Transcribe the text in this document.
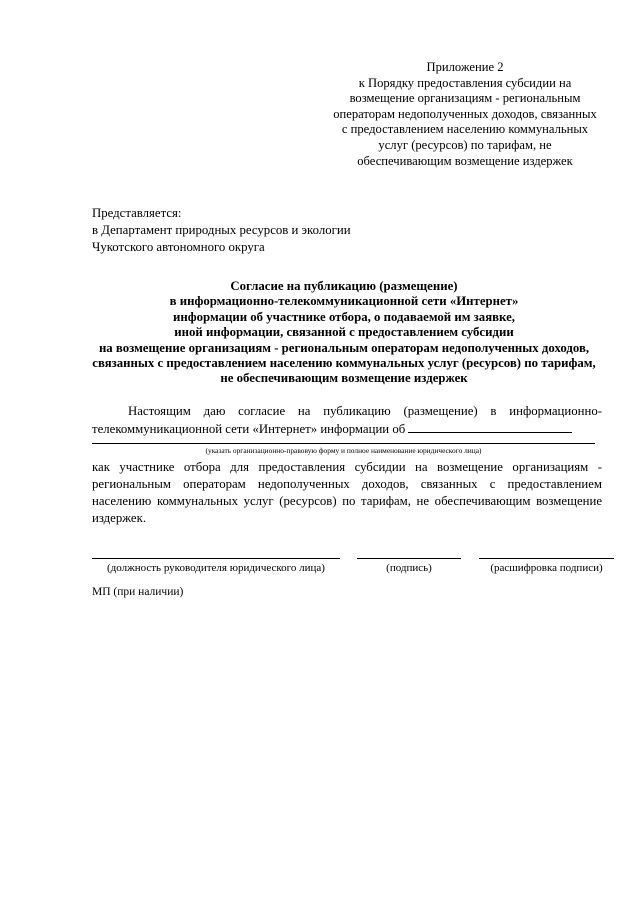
Приложение 2
к Порядку предоставления субсидии на
возмещение организациям - региональным
операторам недополученных доходов, связанных
с предоставлением населению коммунальных
услуг (ресурсов) по тарифам, не
обеспечивающим возмещение издержек
Представляется:
в Департамент природных ресурсов и экологии
Чукотского автономного округа
Согласие на публикацию (размещение)
в информационно-телекоммуникационной сети «Интернет»
информации об участнике отбора, о подаваемой им заявке,
иной информации, связанной с предоставлением субсидии
на возмещение организациям - региональным операторам недополученных доходов,
связанных с предоставлением населению коммунальных услуг (ресурсов) по тарифам,
не обеспечивающим возмещение издержек
Настоящим даю согласие на публикацию (размещение) в информационно-
телекоммуникационной сети «Интернет» информации об
(указать организационно-правовую форму и полное наименование юридического лица)
как участнике отбора для предоставления субсидии на возмещение организациям -
региональным операторам недополученных доходов, связанных с предоставлением
населению коммунальных услуг (ресурсов) по тарифам, не обеспечивающим возмещение
издержек.
(должность руководителя юридического лица)	(подпись)	(расшифровка подписи)
МП (при наличии)
